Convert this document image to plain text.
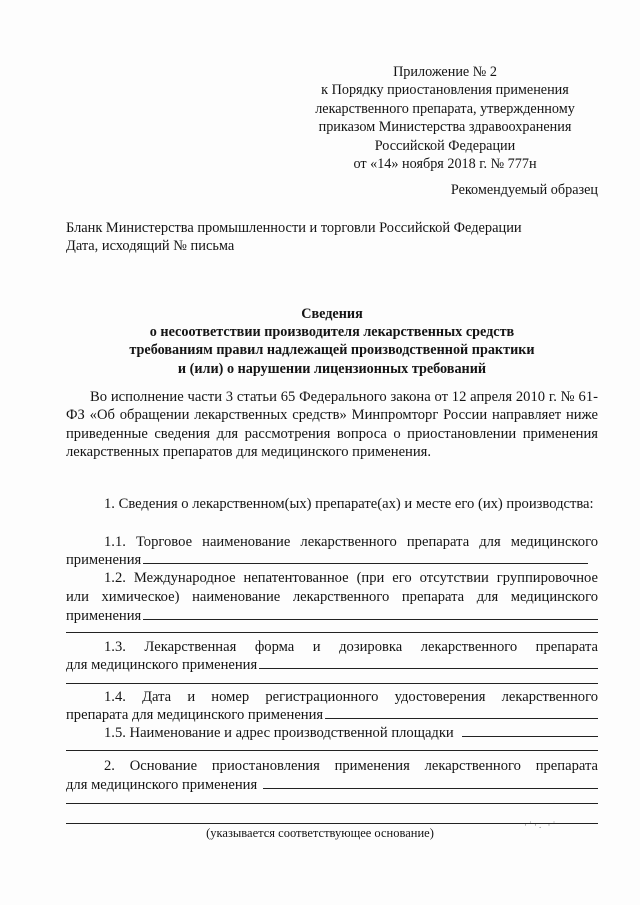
Приложение № 2
к Порядку приостановления применения
лекарственного препарата, утвержденному
приказом Министерства здравоохранения
Российской Федерации
от «14» ноября 2018 г. № 777н
Рекомендуемый образец
Бланк Министерства промышленности и торговли Российской Федерации
Дата, исходящий № письма
Сведения
о несоответствии производителя лекарственных средств
требованиям правил надлежащей производственной практики
и (или) о нарушении лицензионных требований
Во исполнение части 3 статьи 65 Федерального закона от 12 апреля 2010 г. № 61-ФЗ «Об обращении лекарственных средств» Минпромторг России направляет ниже приведенные сведения для рассмотрения вопроса о приостановлении применения лекарственных препаратов для медицинского применения.
1. Сведения о лекарственном(ых) препарате(ах) и месте его (их) производства:
1.1. Торговое наименование лекарственного препарата для медицинского
применения
1.2. Международное непатентованное (при его отсутствии группировочное
или химическое) наименование лекарственного препарата для медицинского
применения
1.3. Лекарственная форма и дозировка лекарственного препарата
для медицинского применения
1.4. Дата и номер регистрационного удостоверения лекарственного
препарата для медицинского применения
1.5. Наименование и адрес производственной площадки
2. Основание приостановления применения лекарственного препарата
для медицинского применения
(указывается соответствующее основание)
·˙·. ·˙
